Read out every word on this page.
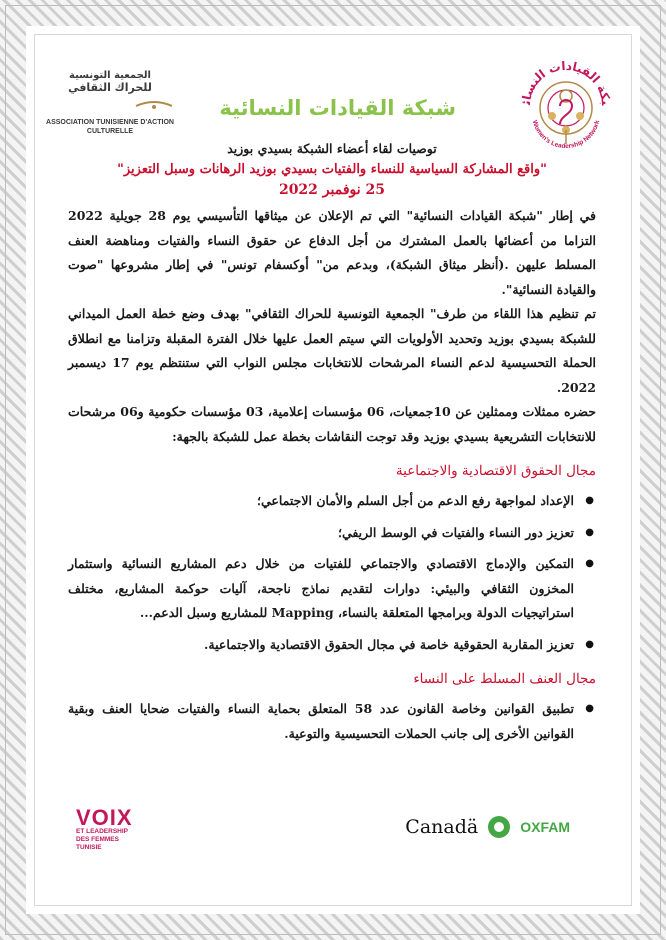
بكة القيادات النسائ
Women's Leadership Network
شبكة القيادات النسائية
الجمعية التونسية
للحراك الثقافي
ASSOCIATION TUNISIENNE D'ACTION CULTURELLE

توصيات لقاء أعضاء الشبكة بسيدي بوزيد

"واقع المشاركة السياسية للنساء والفتيات بسيدي بوزيد الرهانات وسبل التعزيز"

25 نوفمبر 2022

في إطار "شبكة القيادات النسائية" التي تم الإعلان عن ميثاقها التأسيسي يوم 28 جويلية 2022 التزاما من أعضائها بالعمل المشترك من أجل الدفاع عن حقوق النساء والفتيات ومناهضة العنف المسلط عليهن .(أنظر ميثاق الشبكة)، وبدعم من" أوكسفام تونس" في إطار مشروعها "صوت والقيادة النسائية".

تم تنظيم هذا اللقاء من طرف" الجمعية التونسية للحراك الثقافي" بهدف وضع خطة العمل الميداني للشبكة بسيدي بوزيد وتحديد الأولويات التي سيتم العمل عليها خلال الفترة المقبلة وتزامنا مع انطلاق الحملة التحسيسية لدعم النساء المرشحات للانتخابات مجلس النواب التي ستنتظم يوم 17 ديسمبر 2022.

حضره ممثلات وممثلين عن 10جمعيات، 06 مؤسسات إعلامية، 03 مؤسسات حكومية و06 مرشحات للانتخابات التشريعية بسيدي بوزيد وقد توجت النقاشات بخطة عمل للشبكة بالجهة:

مجال الحقوق الاقتصادية والاجتماعية
● الإعداد لمواجهة رفع الدعم من أجل السلم والأمان الاجتماعي؛
● تعزيز دور النساء والفتيات في الوسط الريفي؛
● التمكين والإدماج الاقتصادي والاجتماعي للفتيات من خلال دعم المشاريع النسائية واستثمار المخزون الثقافي والبيئي: دوارات لتقديم نماذج ناجحة، آليات حوكمة المشاريع، مختلف استراتيجيات الدولة وبرامجها المتعلقة بالنساء، Mapping للمشاريع وسبل الدعم...
● تعزيز المقاربة الحقوقية خاصة في مجال الحقوق الاقتصادية والاجتماعية.
مجال العنف المسلط على النساء
● تطبيق القوانين وخاصة القانون عدد 58 المتعلق بحماية النساء والفتيات ضحايا العنف وبقية القوانين الأخرى إلى جانب الحملات التحسيسية والتوعية.
VOIX
ET LEADERSHIP
DES FEMMES
TUNISIE
Canadä	OXFAM
